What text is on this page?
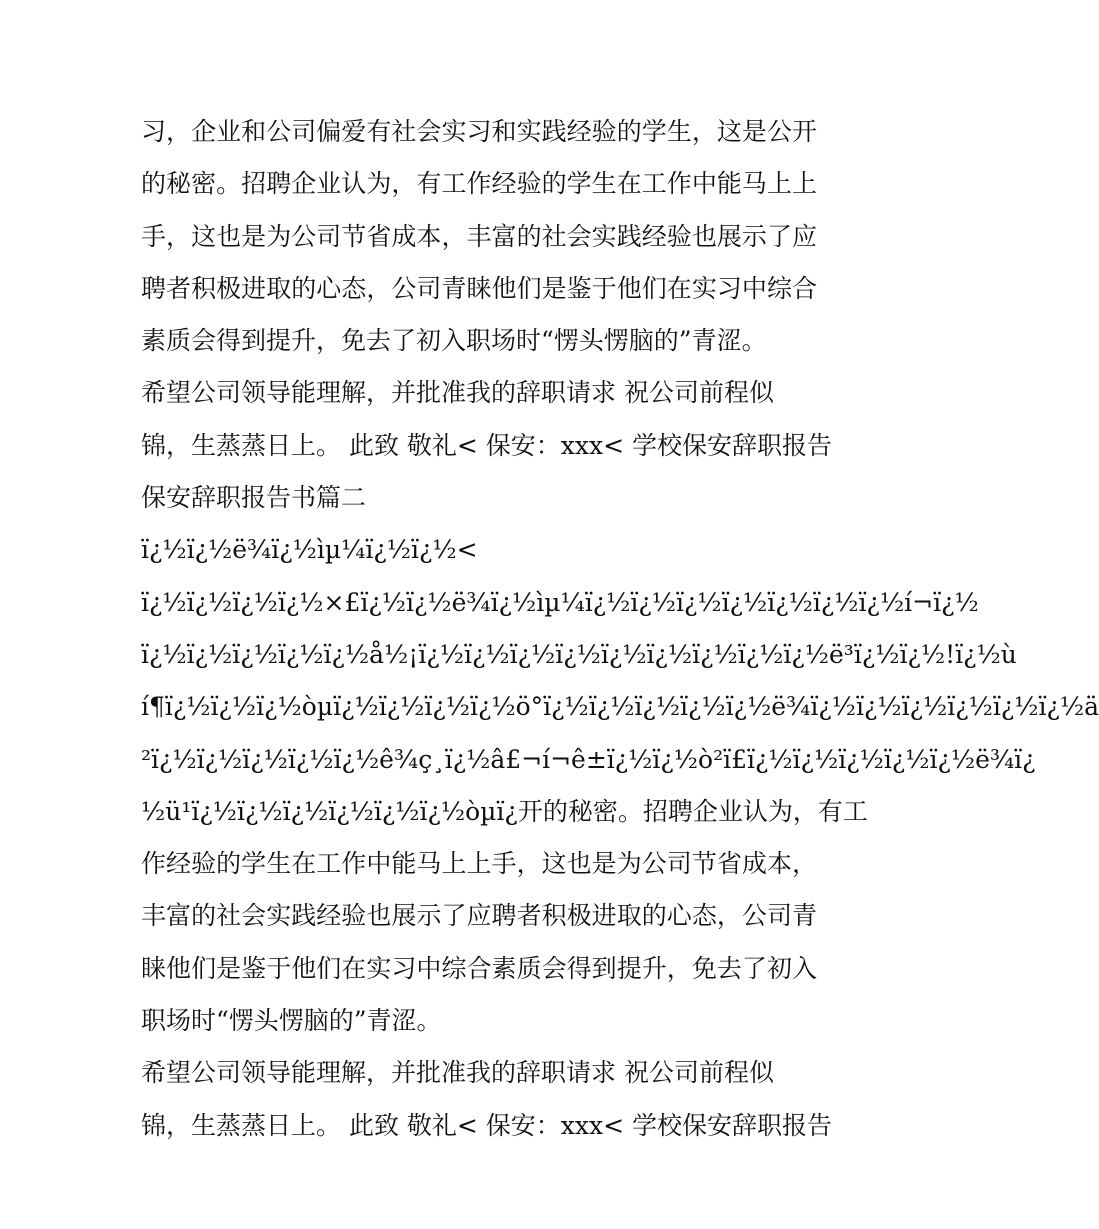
习，企业和公司偏爱有社会实习和实践经验的学生，这是公开
的秘密。招聘企业认为，有工作经验的学生在工作中能马上上
手，这也是为公司节省成本，丰富的社会实践经验也展示了应
聘者积极进取的心态，公司青睐他们是鉴于他们在实习中综合
素质会得到提升，免去了初入职场时“愣头愣脑的”青涩。
希望公司领导能理解，并批准我的辞职请求 祝公司前程似
锦，生蒸蒸日上。 此致 敬礼< 保安：xxx< 学校保安辞职报告
保安辞职报告书篇二
ï¿½ï¿½ë¾ï¿½ìµ¼ï¿½ï¿½<
ï¿½ï¿½ï¿½ï¿½×£ï¿½ï¿½ë¾ï¿½ìµ¼ï¿½ï¿½ï¿½ï¿½ï¿½ï¿½ï¿½í¬ï¿½
ï¿½ï¿½ï¿½ï¿½ï¿½å½¡ï¿½ï¿½ï¿½ï¿½ï¿½ï¿½ï¿½ï¿½ï¿½ë³ï¿½ï¿½!ï¿½ù
í¶ï¿½ï¿½ï¿½òµï¿½ï¿½ï¿½ï¿½ö°ï¿½ï¿½ï¿½ï¿½ï¿½ë¾ï¿½ï¿½ï¿½ï¿½ï¿½ï¿½ä
²ï¿½ï¿½ï¿½ï¿½ï¿½ê¾ç¸ï¿½â£¬í¬ê±ï¿½ï¿½ò²ï£ï¿½ï¿½ï¿½ï¿½ï¿½ë¾ï¿
½ü¹ï¿½ï¿½ï¿½ï¿½ï¿½ï¿½òµï¿开的秘密。招聘企业认为，有工
作经验的学生在工作中能马上上手，这也是为公司节省成本，
丰富的社会实践经验也展示了应聘者积极进取的心态，公司青
睐他们是鉴于他们在实习中综合素质会得到提升，免去了初入
职场时“愣头愣脑的”青涩。
希望公司领导能理解，并批准我的辞职请求 祝公司前程似
锦，生蒸蒸日上。 此致 敬礼< 保安：xxx< 学校保安辞职报告
